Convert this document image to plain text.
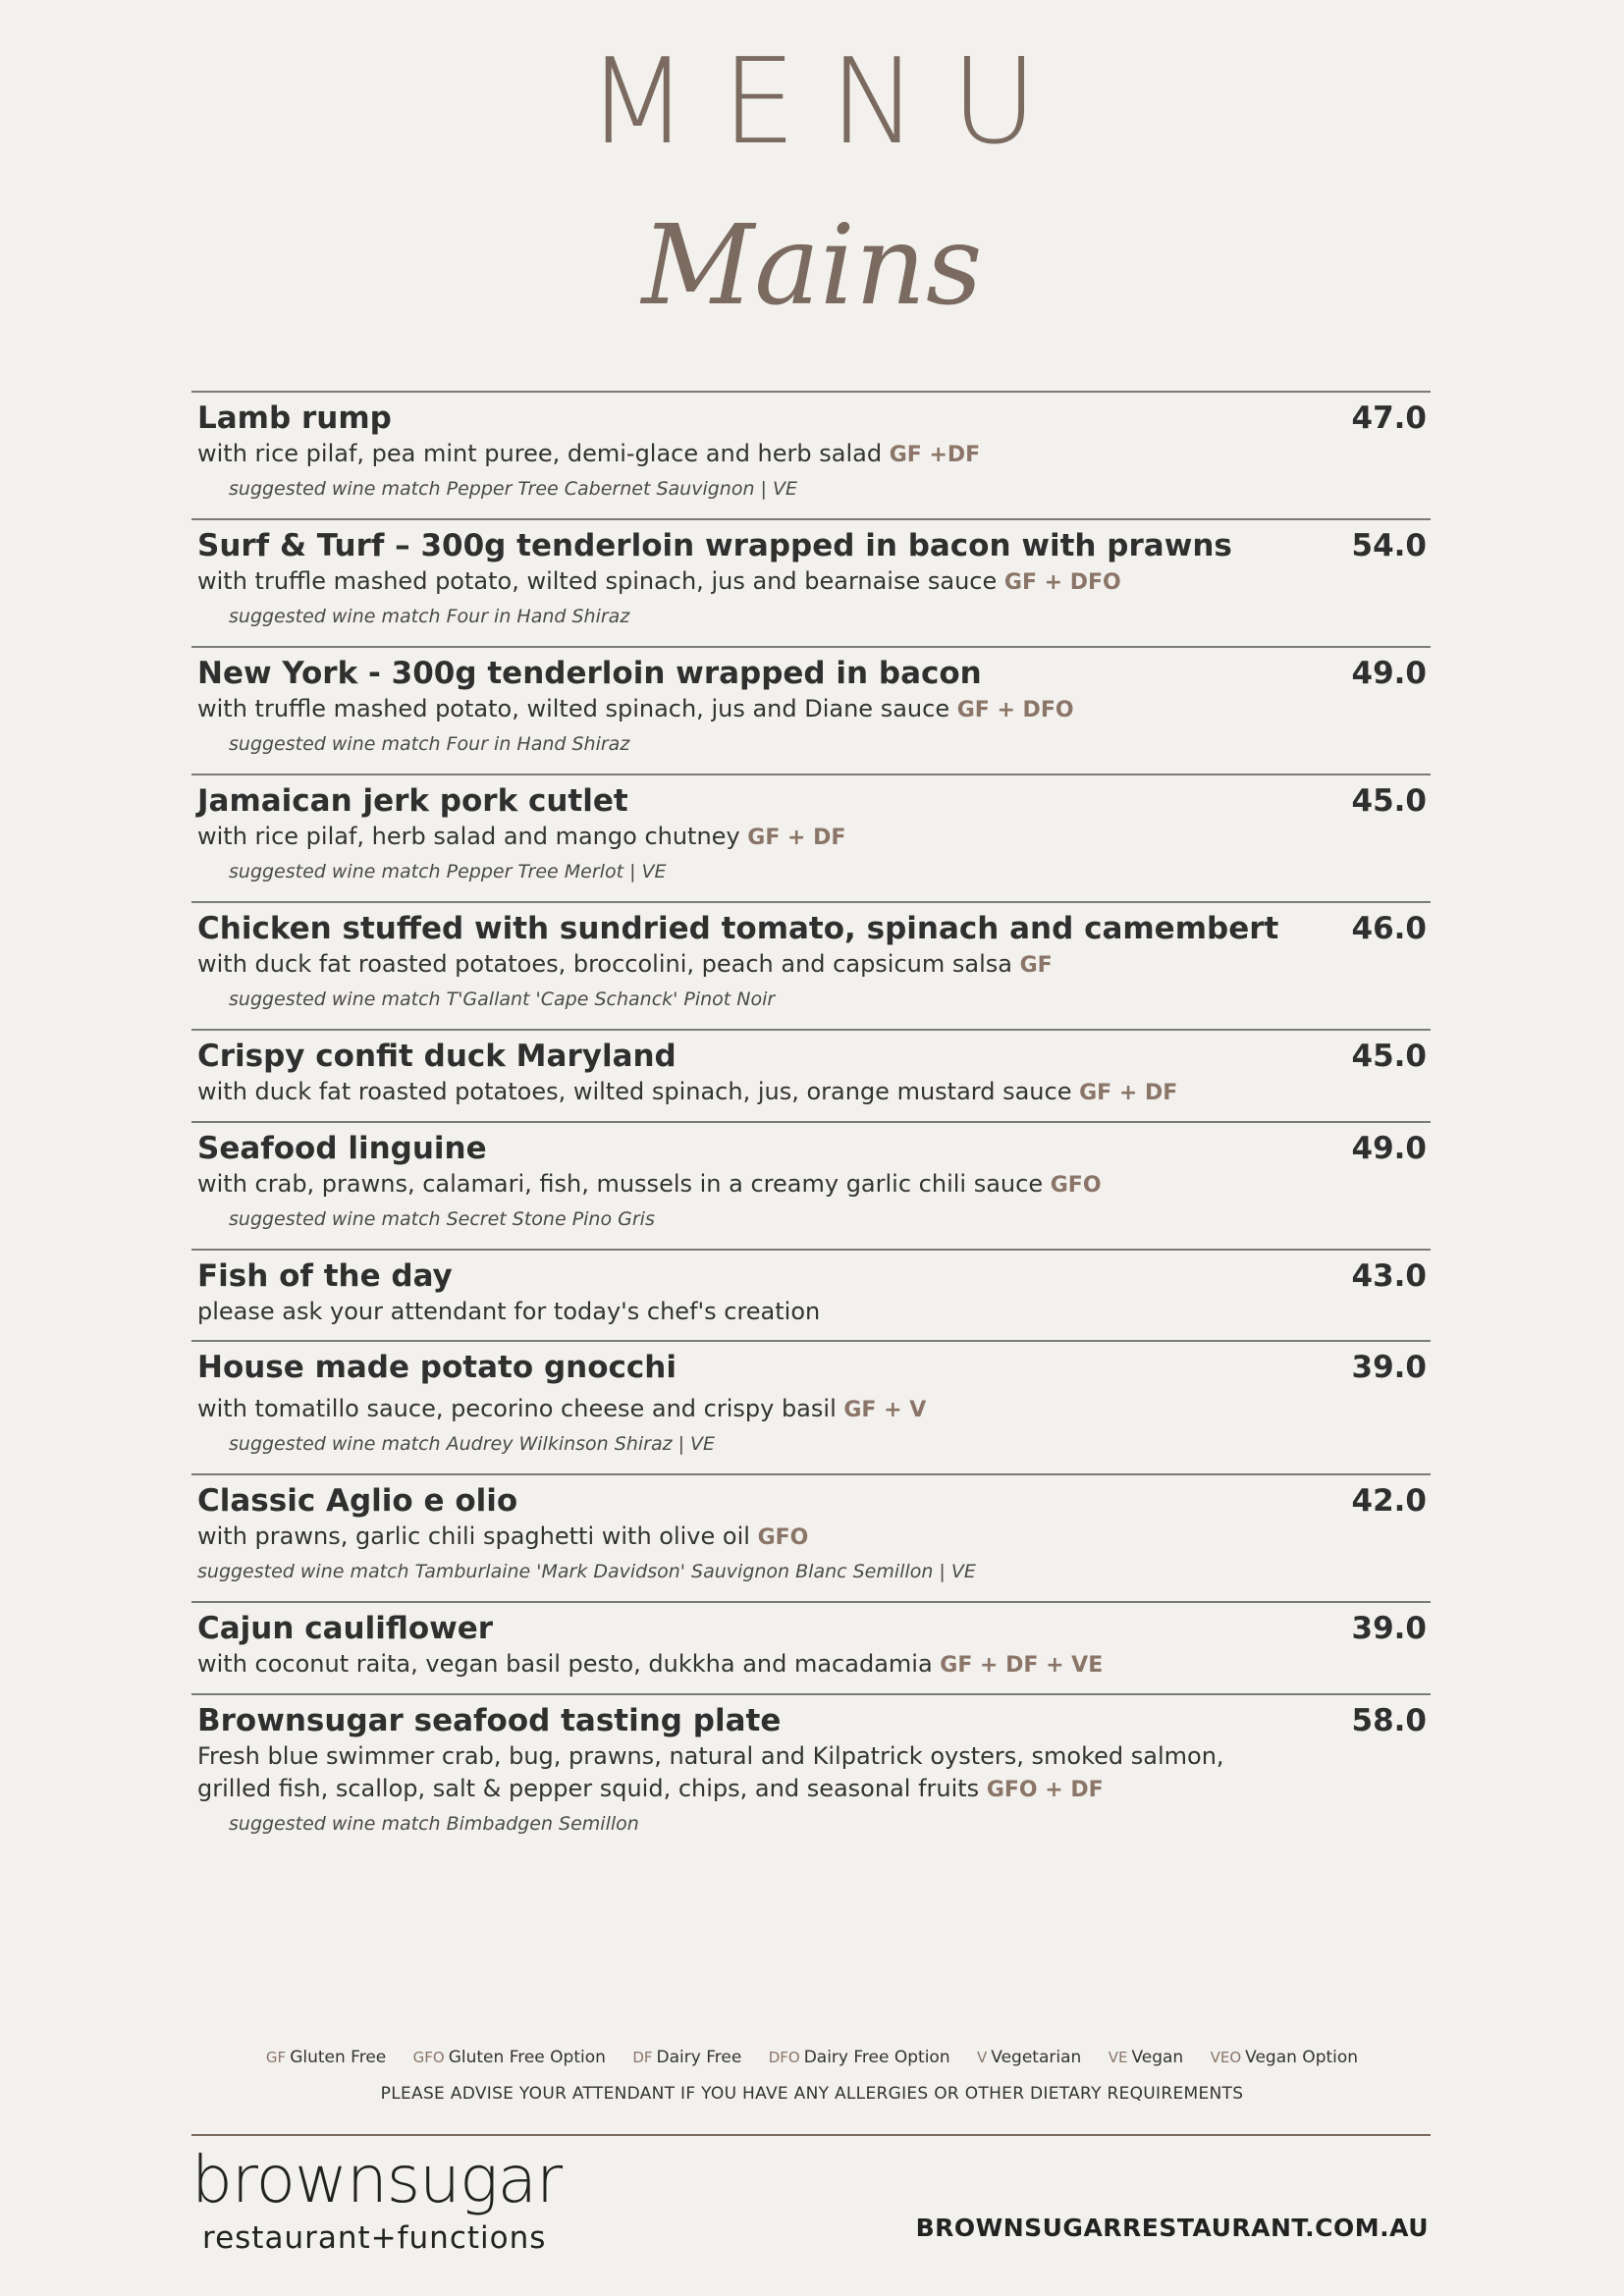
MENU
Mains
Lamb rump	47.0
with rice pilaf, pea mint puree, demi-glace and herb salad GF +DF
suggested wine match Pepper Tree Cabernet Sauvignon | VE
Surf & Turf – 300g tenderloin wrapped in bacon with prawns	54.0
with truffle mashed potato, wilted spinach, jus and bearnaise sauce GF + DFO
suggested wine match Four in Hand Shiraz
New York - 300g tenderloin wrapped in bacon	49.0
with truffle mashed potato, wilted spinach, jus and Diane sauce GF + DFO
suggested wine match Four in Hand Shiraz
Jamaican jerk pork cutlet	45.0
with rice pilaf, herb salad and mango chutney GF + DF
suggested wine match Pepper Tree Merlot | VE
Chicken stuffed with sundried tomato, spinach and camembert	46.0
with duck fat roasted potatoes, broccolini, peach and capsicum salsa GF
suggested wine match T'Gallant 'Cape Schanck' Pinot Noir
Crispy confit duck Maryland	45.0
with duck fat roasted potatoes, wilted spinach, jus, orange mustard sauce GF + DF
Seafood linguine	49.0
with crab, prawns, calamari, fish, mussels in a creamy garlic chili sauce GFO
suggested wine match Secret Stone Pino Gris
Fish of the day	43.0
please ask your attendant for today's chef's creation
House made potato gnocchi	39.0
with tomatillo sauce, pecorino cheese and crispy basil GF + V
suggested wine match Audrey Wilkinson Shiraz | VE
Classic Aglio e olio	42.0
with prawns, garlic chili spaghetti with olive oil GFO
suggested wine match Tamburlaine 'Mark Davidson' Sauvignon Blanc Semillon | VE
Cajun cauliflower	39.0
with coconut raita, vegan basil pesto, dukkha and macadamia GF + DF + VE
Brownsugar seafood tasting plate	58.0
Fresh blue swimmer crab, bug, prawns, natural and Kilpatrick oysters, smoked salmon,
grilled fish, scallop, salt & pepper squid, chips, and seasonal fruits GFO + DF
suggested wine match Bimbadgen Semillon
GF Gluten Free GFO Gluten Free Option DF Dairy Free DFO Dairy Free Option V Vegetarian VE Vegan VEO Vegan Option
PLEASE ADVISE YOUR ATTENDANT IF YOU HAVE ANY ALLERGIES OR OTHER DIETARY REQUIREMENTS
brownsugar
restaurant+functions	BROWNSUGARRESTAURANT.COM.AU
